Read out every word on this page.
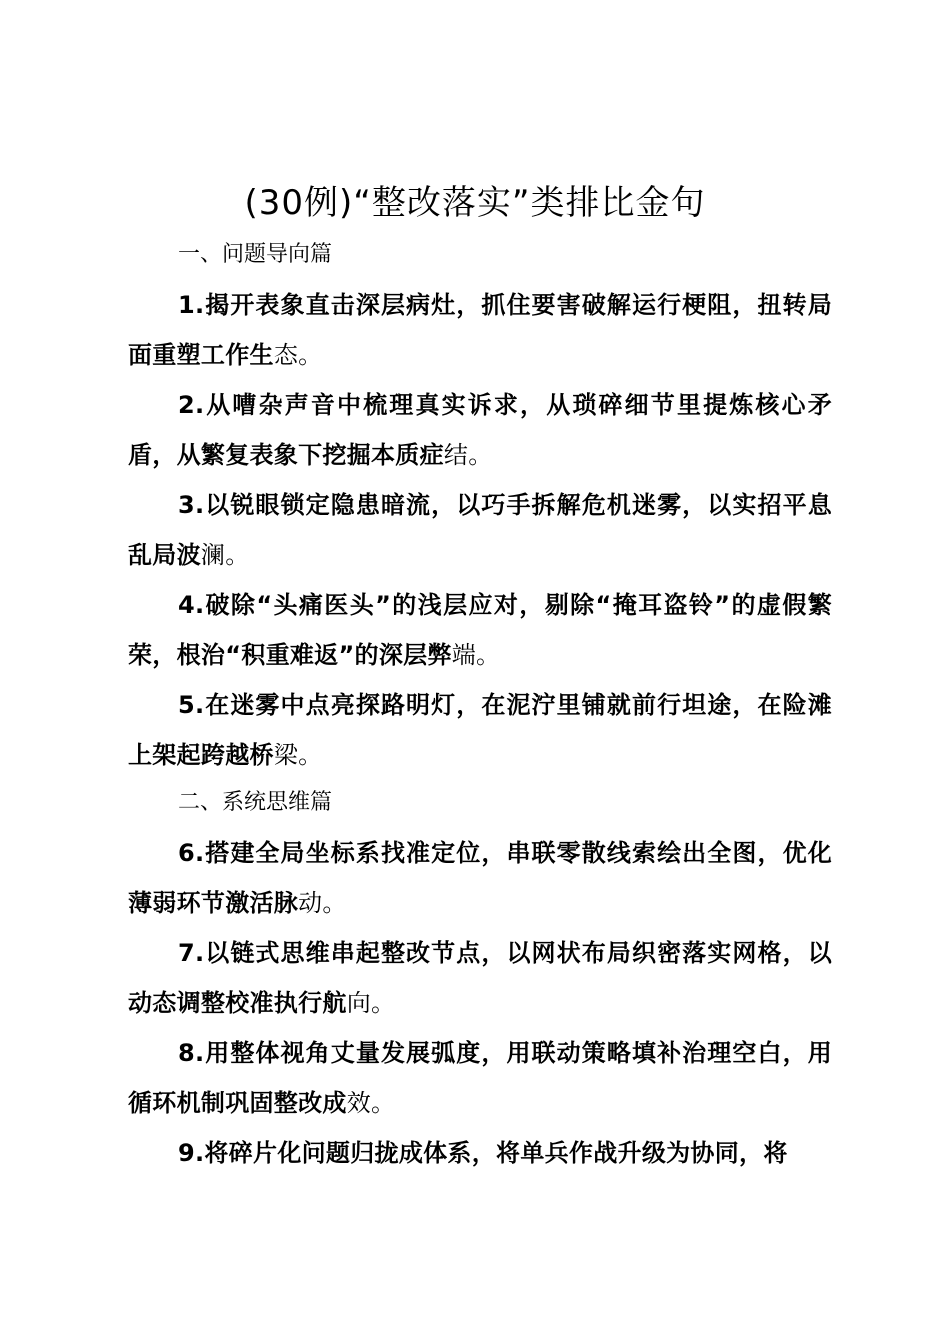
(30例)“整改落实”类排比金句
一、问题导向篇
1.揭开表象直击深层病灶，抓住要害破解运行梗阻，扭转局面重塑工作生态。
2.从嘈杂声音中梳理真实诉求，从琐碎细节里提炼核心矛盾，从繁复表象下挖掘本质症结。
3.以锐眼锁定隐患暗流，以巧手拆解危机迷雾，以实招平息乱局波澜。
4.破除“头痛医头”的浅层应对，剔除“掩耳盗铃”的虚假繁荣，根治“积重难返”的深层弊端。
5.在迷雾中点亮探路明灯，在泥泞里铺就前行坦途，在险滩上架起跨越桥梁。
二、系统思维篇
6.搭建全局坐标系找准定位，串联零散线索绘出全图，优化薄弱环节激活脉动。
7.以链式思维串起整改节点，以网状布局织密落实网格，以动态调整校准执行航向。
8.用整体视角丈量发展弧度，用联动策略填补治理空白，用循环机制巩固整改成效。
9.将碎片化问题归拢成体系，将单兵作战升级为协同，将
